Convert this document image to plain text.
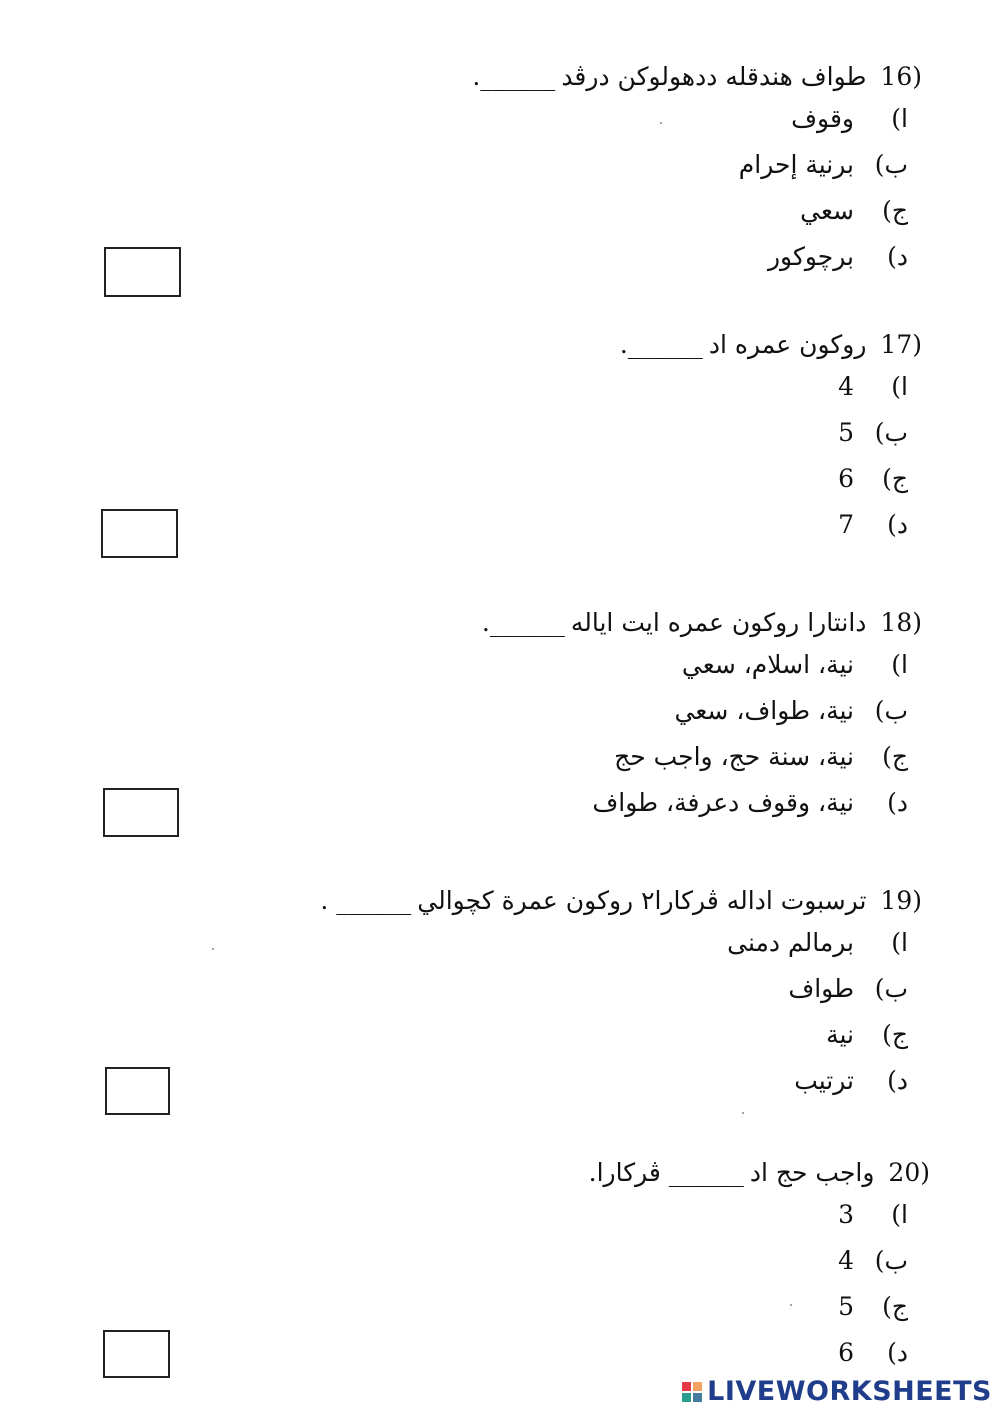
16)
طواف هندقله ددهولوكن درڤد
______.
ا)
وقوف
ب)
برنية إحرام
ج)
سعي
د)
برچوكور
17)
روكون عمره اد
______.
ا)
4
ب)
5
ج)
6
د)
7
18)
دانتارا روكون عمره ايت اياله
______.
ا)
نية، اسلام، سعي
ب)
نية، طواف، سعي
ج)
نية، سنة حج، واجب حج
د)
نية، وقوف دعرفة، طواف
19)
ترسبوت اداله ڤركارا٢ روكون عمرة كچوالي
______ .
ا)
برمالم دمنى
ب)
طواف
ج)
نية
د)
ترتيب
20)
واجب حج اد
______ ڤركارا.
ا)
3
ب)
4
ج)
5
د)
6
LIVEWORKSHEETS
